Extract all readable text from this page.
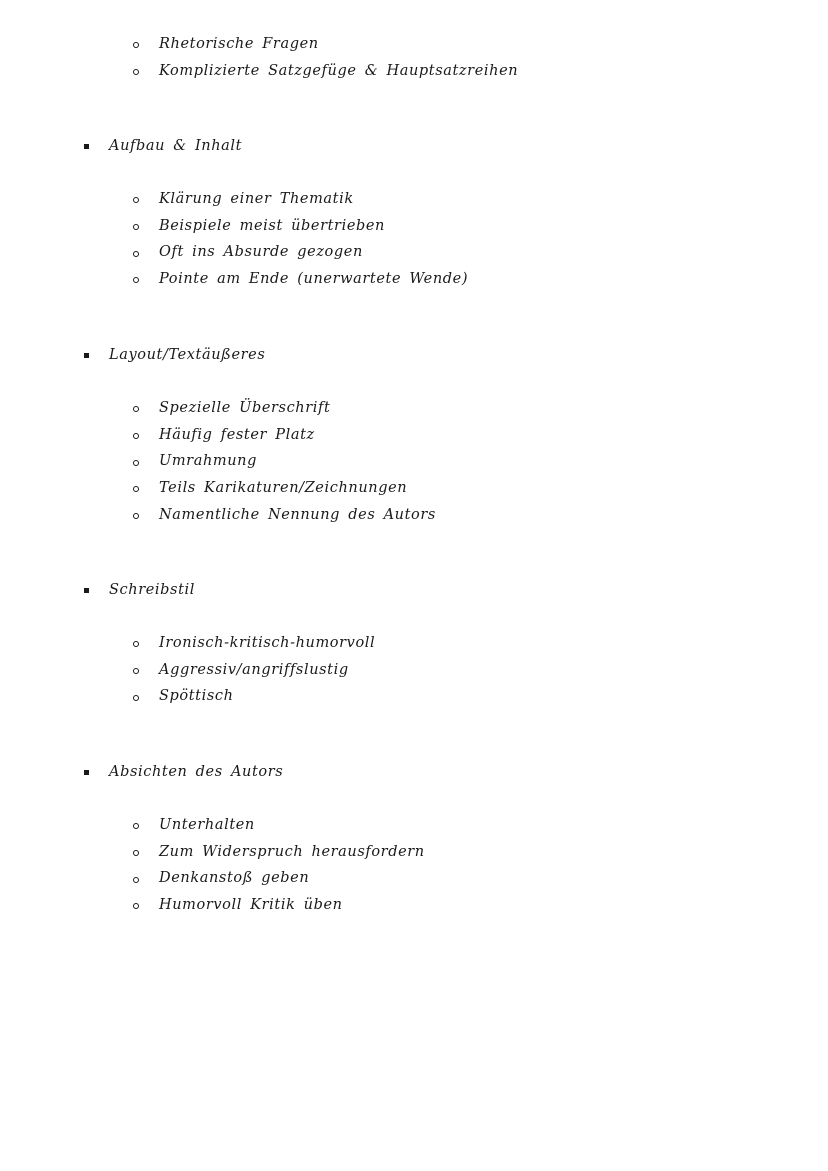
Rhetorische Fragen
Komplizierte Satzgefüge & Hauptsatzreihen
Aufbau & Inhalt
Klärung einer Thematik
Beispiele meist übertrieben
Oft ins Absurde gezogen
Pointe am Ende (unerwartete Wende)
Layout/Textäußeres
Spezielle Überschrift
Häufig fester Platz
Umrahmung
Teils Karikaturen/Zeichnungen
Namentliche Nennung des Autors
Schreibstil
Ironisch-kritisch-humorvoll
Aggressiv/angriffslustig
Spöttisch
Absichten des Autors
Unterhalten
Zum Widerspruch herausfordern
Denkanstoß geben
Humorvoll Kritik üben
